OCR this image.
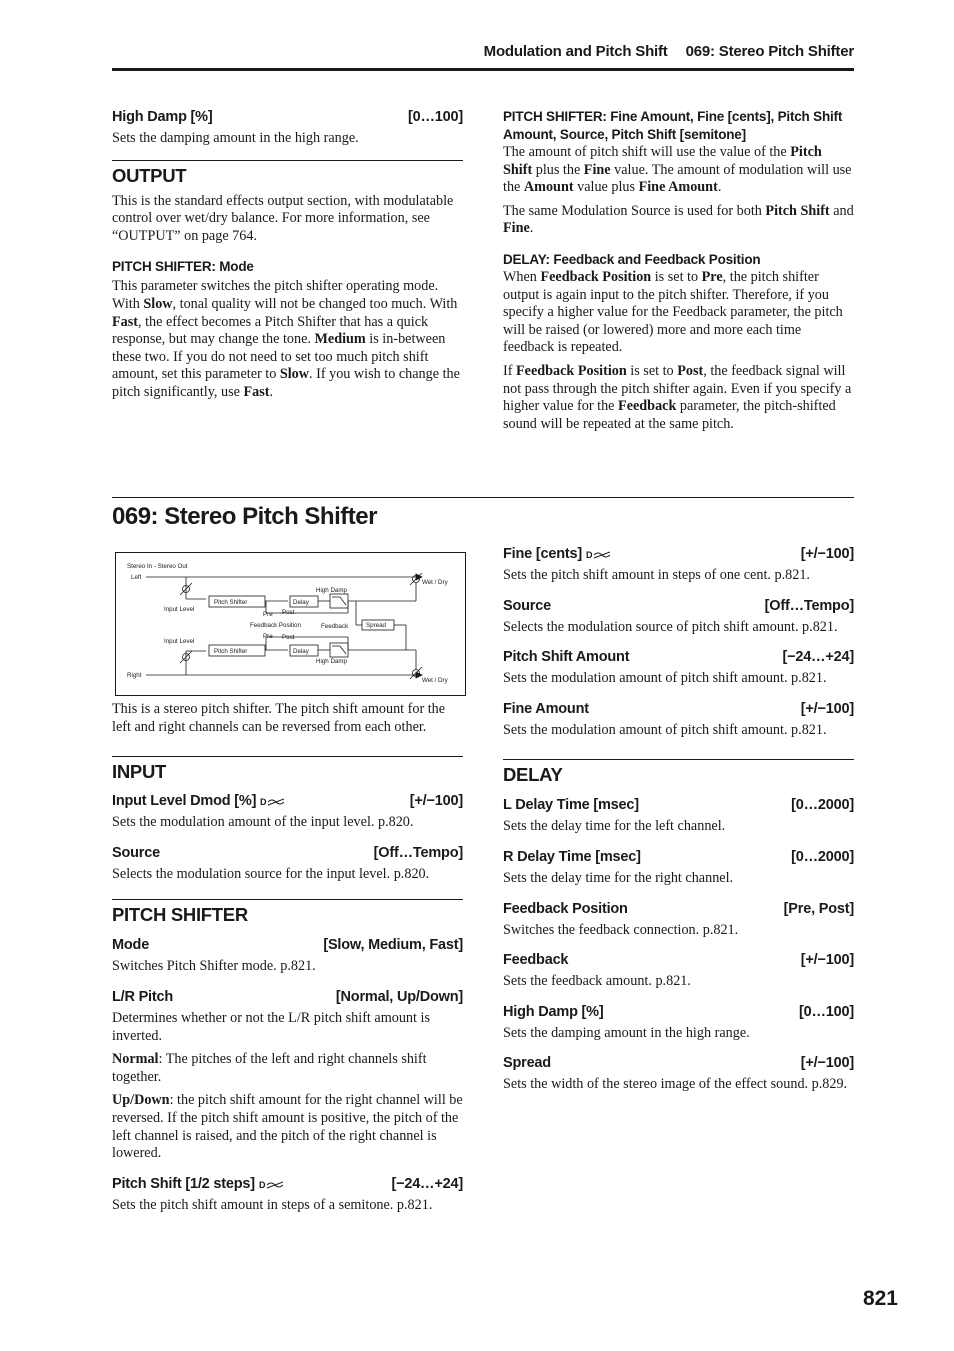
Modulation and Pitch Shift 069: Stereo Pitch Shifter
High Damp [%]	[0…100]

Sets the damping amount in the high range.

OUTPUT

This is the standard effects output section, with modulatable control over wet/dry balance. For more information, see “OUTPUT” on page 764.

PITCH SHIFTER: Mode

This parameter switches the pitch shifter operating mode. With Slow, tonal quality will not be changed too much. With Fast, the effect becomes a Pitch Shifter that has a quick response, but may change the tone. Medium is in-between these two. If you do not need to set too much pitch shift amount, set this parameter to Slow. If you wish to change the pitch significantly, use Fast.

PITCH SHIFTER: Fine Amount, Fine [cents], Pitch Shift Amount, Source, Pitch Shift [semitone]

The amount of pitch shift will use the value of the Pitch Shift plus the Fine value. The amount of modulation will use the Amount value plus Fine Amount.

The same Modulation Source is used for both Pitch Shift and Fine.

DELAY: Feedback and Feedback Position

When Feedback Position is set to Pre, the pitch shifter output is again input to the pitch shifter. Therefore, if you specify a higher value for the Feedback parameter, the pitch will be raised (or lowered) more and more each time feedback is repeated.

If Feedback Position is set to Post, the feedback signal will not pass through the pitch shifter again. Even if you specify a higher value for the Feedback parameter, the pitch-shifted sound will be repeated at the same pitch.

069: Stereo Pitch Shifter
Stereo In - Stereo Out
Left
Right
Input Level
Input Level
Pitch Shifter
Pitch Shifter
Delay
Delay
High Damp
High Damp
Pre Post
Pre Post
Feedback Position	Feedback	Spread
Wet / Dry
Wet / Dry

This is a stereo pitch shifter. The pitch shift amount for the left and right channels can be reversed from each other.

INPUT
Input Level Dmod [%] D	[+/−100]

Sets the modulation amount of the input level. p.820.

Source	[Off…Tempo]

Selects the modulation source for the input level. p.820.

PITCH SHIFTER
Mode	[Slow, Medium, Fast]

Switches Pitch Shifter mode. p.821.

L/R Pitch	[Normal, Up/Down]

Determines whether or not the L/R pitch shift amount is inverted.

Normal: The pitches of the left and right channels shift together.

Up/Down: the pitch shift amount for the right channel will be reversed. If the pitch shift amount is positive, the pitch of the left channel is raised, and the pitch of the right channel is lowered.

Pitch Shift [1/2 steps] D	[−24…+24]

Sets the pitch shift amount in steps of a semitone. p.821.

Fine [cents] D	[+/−100]

Sets the pitch shift amount in steps of one cent. p.821.

Source	[Off…Tempo]

Selects the modulation source of pitch shift amount. p.821.

Pitch Shift Amount	[−24…+24]

Sets the modulation amount of pitch shift amount. p.821.

Fine Amount	[+/−100]

Sets the modulation amount of pitch shift amount. p.821.

DELAY
L Delay Time [msec]	[0…2000]

Sets the delay time for the left channel.

R Delay Time [msec]	[0…2000]

Sets the delay time for the right channel.

Feedback Position	[Pre, Post]

Switches the feedback connection. p.821.

Feedback	[+/−100]

Sets the feedback amount. p.821.

High Damp [%]	[0…100]

Sets the damping amount in the high range.

Spread	[+/−100]

Sets the width of the stereo image of the effect sound. p.829.

821
